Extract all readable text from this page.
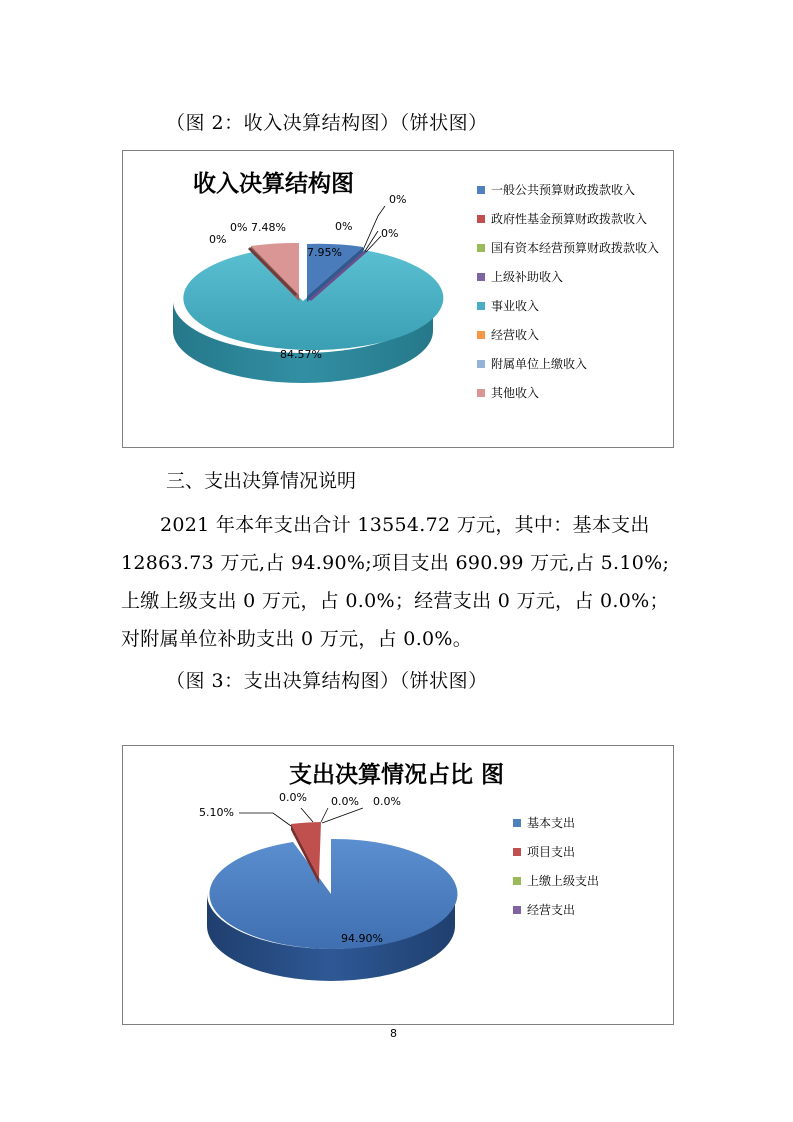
（图 2：收入决算结构图）（饼状图）
收入决算结构图
7.95%
0%
0%
0%
84.57%
0%
0% 7.48%
一般公共预算财政拨款收入
政府性基金预算财政拨款收入
国有资本经营预算财政拨款收入
上级补助收入
事业收入
经营收入
附属单位上缴收入
其他收入
三、支出决算情况说明
2021 年本年支出合计 13554.72 万元，其中：基本支出
12863.73 万元,占 94.90%;项目支出 690.99 万元,占 5.10%;
上缴上级支出 0 万元，占 0.0%；经营支出 0 万元，占 0.0%；
对附属单位补助支出 0 万元，占 0.0%。
（图 3：支出决算结构图）（饼状图）
支出决算情况占比 图
94.90%
5.10%
0.0% 0.0% 0.0%
基本支出
项目支出
上缴上级支出
经营支出
8
